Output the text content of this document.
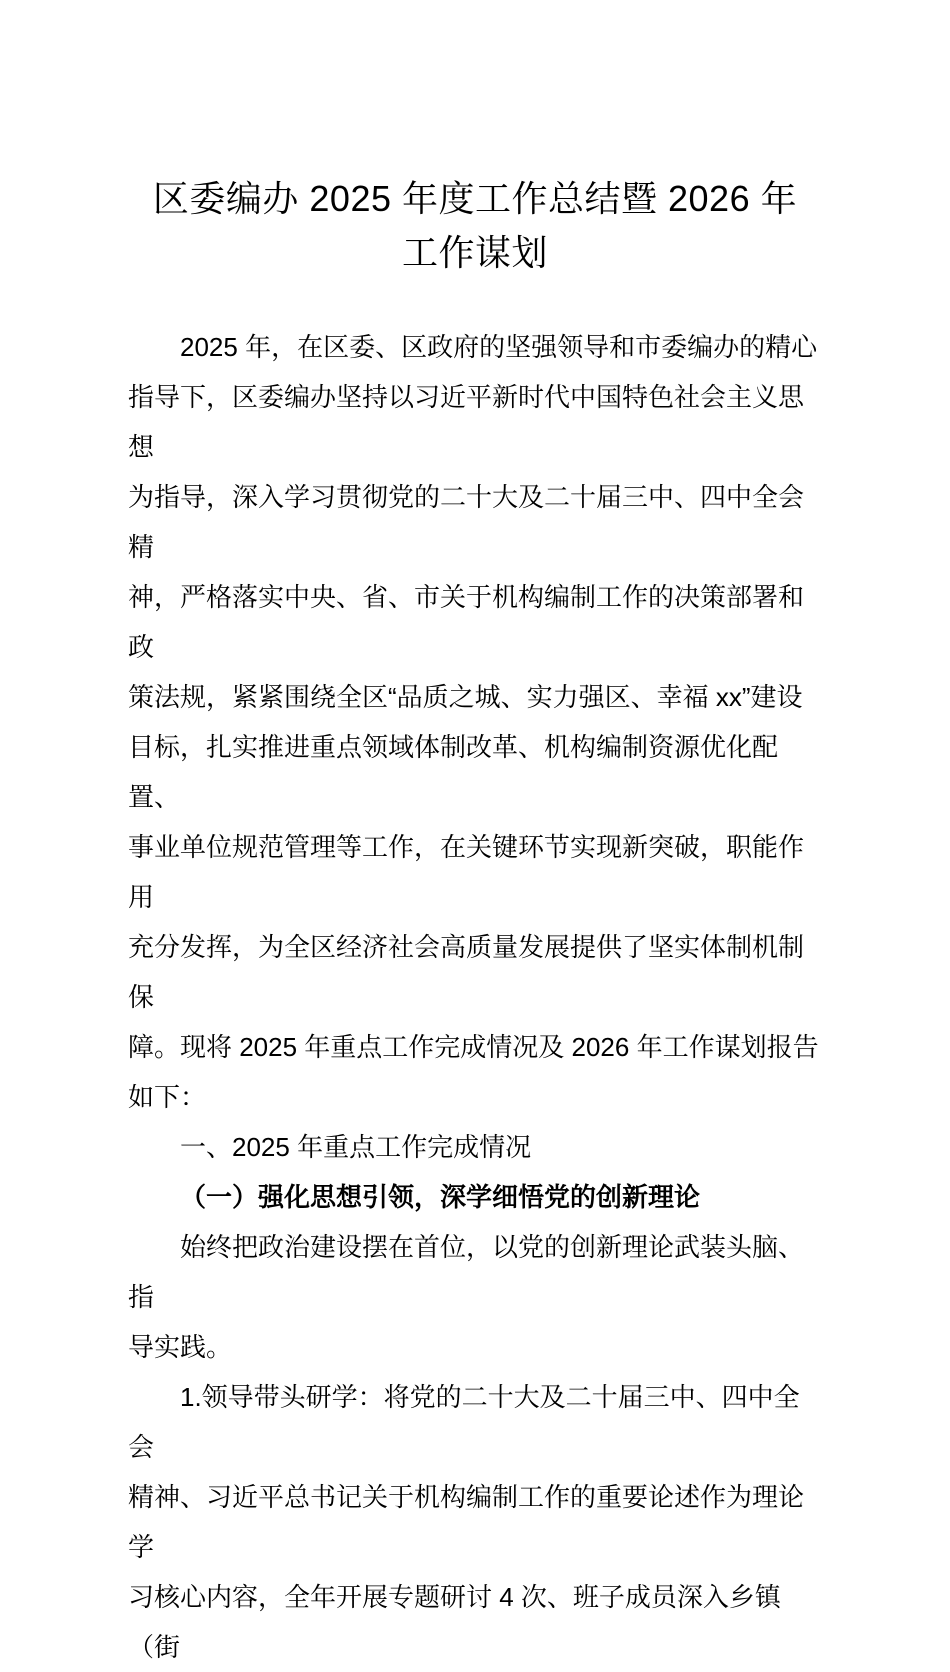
区委编办 2025 年度工作总结暨 2026 年
工作谋划
2025 年，在区委、区政府的坚强领导和市委编办的精心
指导下，区委编办坚持以习近平新时代中国特色社会主义思想
为指导，深入学习贯彻党的二十大及二十届三中、四中全会精
神，严格落实中央、省、市关于机构编制工作的决策部署和政
策法规，紧紧围绕全区“品质之城、实力强区、幸福 xx”建设
目标，扎实推进重点领域体制改革、机构编制资源优化配置、
事业单位规范管理等工作，在关键环节实现新突破，职能作用
充分发挥，为全区经济社会高质量发展提供了坚实体制机制保
障。现将 2025 年重点工作完成情况及 2026 年工作谋划报告
如下：
一、2025 年重点工作完成情况
（一）强化思想引领，深学细悟党的创新理论
始终把政治建设摆在首位，以党的创新理论武装头脑、指
导实践。
1.领导带头研学：将党的二十大及二十届三中、四中全会
精神、习近平总书记关于机构编制工作的重要论述作为理论学
习核心内容，全年开展专题研讨 4 次、班子成员深入乡镇（街
